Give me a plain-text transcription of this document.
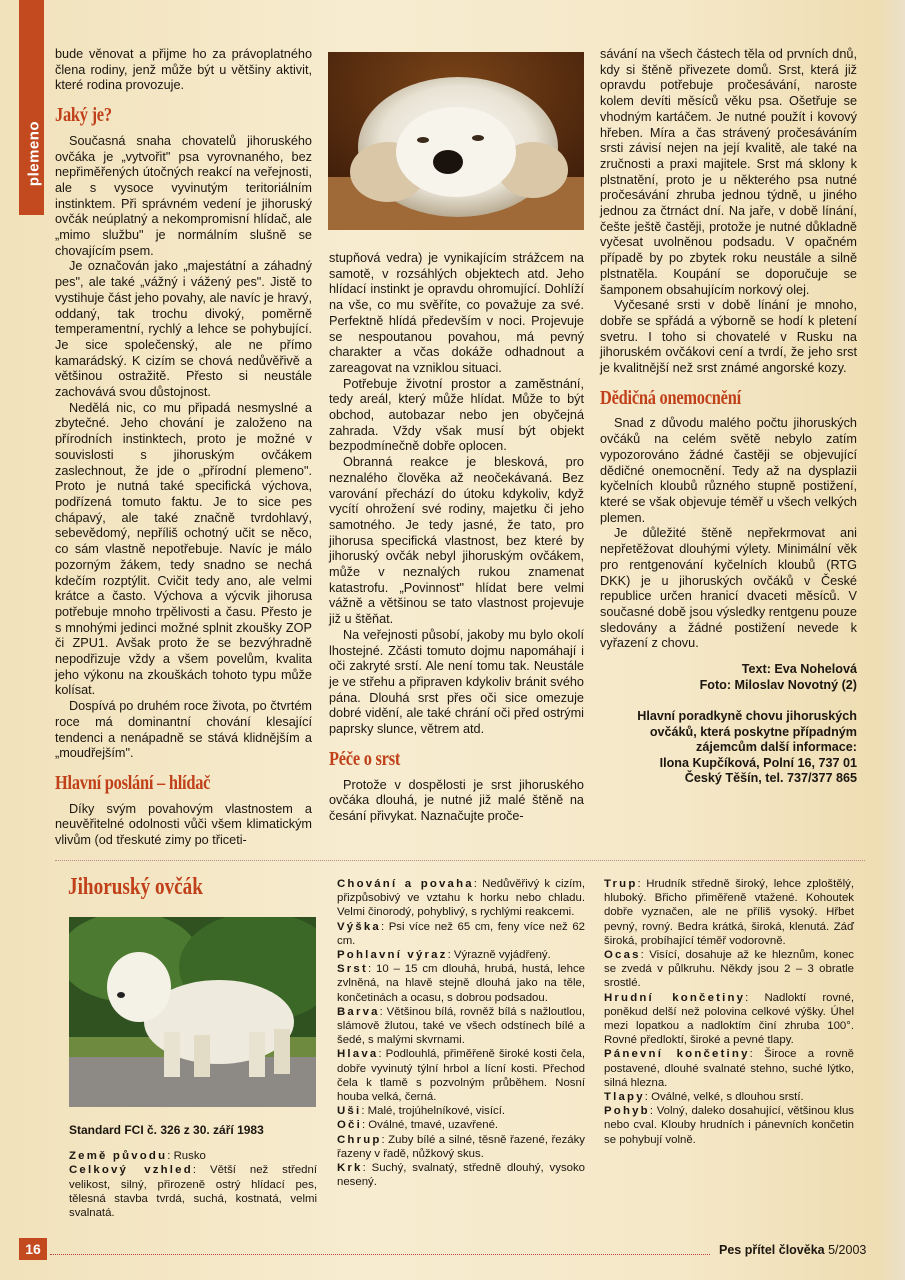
plemeno

bude věnovat a přijme ho za právoplatného člena rodiny, jenž může být u většiny aktivit, které rodina provozuje.

Jaký je?

Současná snaha chovatelů jihoruského ovčáka je „vytvořit" psa vyrovnaného, bez nepřiměřených útočných reakcí na veřejnosti, ale s vysoce vyvinutým teritoriálním instinktem. Při správném vedení je jihoruský ovčák neúplatný a nekompromisní hlídač, ale „mimo službu" je normálním slušně se chovajícím psem.

Je označován jako „majestátní a záhadný pes", ale také „vážný i vážený pes". Jistě to vystihuje část jeho povahy, ale navíc je hravý, oddaný, tak trochu divoký, poměrně temperamentní, rychlý a lehce se pohybující. Je sice společenský, ale ne přímo kamarádský. K cizím se chová nedůvěřivě a většinou ostražitě. Přesto si neustále zachovává svou důstojnost.

Nedělá nic, co mu připadá nesmyslné a zbytečné. Jeho chování je založeno na přírodních instinktech, proto je možné v souvislosti s jihoruským ovčákem zaslechnout, že jde o „přírodní plemeno". Proto je nutná také specifická výchova, podřízená tomuto faktu. Je to sice pes chápavý, ale také značně tvrdohlavý, sebevědomý, nepříliš ochotný učit se něco, co sám vlastně nepotřebuje. Navíc je málo pozorným žákem, tedy snadno se nechá kdečím rozptýlit. Cvičit tedy ano, ale velmi krátce a často. Výchova a výcvik jihorusa potřebuje mnoho trpělivosti a času. Přesto je s mnohými jedinci možné splnit zkoušky ZOP či ZPU1. Avšak proto že se bezvýhradně nepodřizuje vždy a všem povelům, kvalita jeho výkonu na zkouškách tohoto typu může kolísat.

Dospívá po druhém roce života, po čtvrtém roce má dominantní chování klesající tendenci a nenápadně se stává klidnějším a „moudřejším".

Hlavní poslání – hlídač

Díky svým povahovým vlastnostem a neuvěřitelné odolnosti vůči všem klimatickým vlivům (od třeskuté zimy po třiceti-

stupňová vedra) je vynikajícím strážcem na samotě, v rozsáhlých objektech atd. Jeho hlídací instinkt je opravdu ohromující. Dohlíží na vše, co mu svěříte, co považuje za své. Perfektně hlídá především v noci. Projevuje se nespoutanou povahou, má pevný charakter a včas dokáže odhadnout a zareagovat na vzniklou situaci.

Potřebuje životní prostor a zaměstnání, tedy areál, který může hlídat. Může to být obchod, autobazar nebo jen obyčejná zahrada. Vždy však musí být objekt bezpodmínečně dobře oplocen.

Obranná reakce je blesková, pro neznalého člověka až neočekávaná. Bez varování přechází do útoku kdykoliv, když vycítí ohrožení své rodiny, majetku či jeho samotného. Je tedy jasné, že tato, pro jihorusa specifická vlastnost, bez které by jihoruský ovčák nebyl jihoruským ovčákem, může v neznalých rukou znamenat katastrofu. „Povinnost" hlídat bere velmi vážně a většinou se tato vlastnost projevuje již u štěňat.

Na veřejnosti působí, jakoby mu bylo okolí lhostejné. Zčásti tomuto dojmu napomáhají i oči zakryté srstí. Ale není tomu tak. Neustále je ve střehu a připraven kdykoliv bránit svého pána. Dlouhá srst přes oči sice omezuje dobré vidění, ale také chrání oči před ostrými paprsky slunce, větrem atd.

Péče o srst

Protože v dospělosti je srst jihoruského ovčáka dlouhá, je nutné již malé štěně na česání přivykat. Naznačujte proče-

sávání na všech částech těla od prvních dnů, kdy si štěně přivezete domů. Srst, která již opravdu potřebuje pročesávání, naroste kolem devíti měsíců věku psa. Ošetřuje se vhodným kartáčem. Je nutné použít i kovový hřeben. Míra a čas strávený pročesáváním srsti závisí nejen na její kvalitě, ale také na zručnosti a praxi majitele. Srst má sklony k plstnatění, proto je u některého psa nutné pročesávání zhruba jednou týdně, u jiného jednou za čtrnáct dní. Na jaře, v době línání, češte ještě častěji, protože je nutné důkladně vyčesat uvolněnou podsadu. V opačném případě by po zbytek roku neustále a silně plstnatěla. Koupání se doporučuje se šamponem obsahujícím norkový olej.

Vyčesané srsti v době línání je mnoho, dobře se spřádá a výborně se hodí k pletení svetru. I toho si chovatelé v Rusku na jihoruském ovčákovi cení a tvrdí, že jeho srst je kvalitnější než srst známé angorské kozy.

Dědičná onemocnění

Snad z důvodu malého počtu jihoruských ovčáků na celém světě nebylo zatím vypozorováno žádné častěji se objevující dědičné onemocnění. Tedy až na dysplazii kyčelních kloubů různého stupně postižení, které se však objevuje téměř u všech velkých plemen.

Je důležité štěně nepřekrmovat ani nepřetěžovat dlouhými výlety. Minimální věk pro rentgenování kyčelních kloubů (RTG DKK) je u jihoruských ovčáků v České republice určen hranicí dvaceti měsíců. V současné době jsou výsledky rentgenu pouze sledovány a žádné postižení nevede k vyřazení z chovu.

Text: Eva Nohelová
Foto: Miloslav Novotný (2)
Hlavní poradkyně chovu jihoruských ovčáků, která poskytne případným zájemcům další informace:
Ilona Kupčíková, Polní 16, 737 01
Český Těšín, tel. 737/377 865
Jihoruský ovčák

Standard FCI č. 326 z 30. září 1983

Země původu: Rusko

Celkový vzhled: Větší než střední velikost, silný, přirozeně ostrý hlídací pes, tělesná stavba tvrdá, suchá, kostnatá, velmi svalnatá.

Chování a povaha: Nedůvěřivý k cizím, přizpůsobivý ve vztahu k horku nebo chladu. Velmi činorodý, pohyblivý, s rychlými reakcemi.

Výška: Psi více než 65 cm, feny více než 62 cm.

Pohlavní výraz: Výrazně vyjádřený.

Srst: 10 – 15 cm dlouhá, hrubá, hustá, lehce zvlněná, na hlavě stejně dlouhá jako na těle, končetinách a ocasu, s dobrou podsadou.

Barva: Většinou bílá, rovněž bílá s nažloutlou, slámově žlutou, také ve všech odstínech bílé a šedé, s malými skvrnami.

Hlava: Podlouhlá, přiměřeně široké kosti čela, dobře vyvinutý týlní hrbol a lícní kosti. Přechod čela k tlamě s pozvolným průběhem. Nosní houba velká, černá.

Uši: Malé, trojúhelníkové, visící.

Oči: Oválné, tmavé, uzavřené.

Chrup: Zuby bílé a silné, těsně řazené, řezáky řazeny v řadě, nůžkový skus.

Krk: Suchý, svalnatý, středně dlouhý, vysoko nesený.

Trup: Hrudník středně široký, lehce zploštělý, hluboký. Břicho přiměřeně vtažené. Kohoutek dobře vyznačen, ale ne příliš vysoký. Hřbet pevný, rovný. Bedra krátká, široká, klenutá. Záď široká, probíhající téměř vodorovně.

Ocas: Visící, dosahuje až ke hleznům, konec se zvedá v půlkruhu. Někdy jsou 2 – 3 obratle srostlé.

Hrudní končetiny: Nadloktí rovné, poněkud delší než polovina celkové výšky. Úhel mezi lopatkou a nadloktím činí zhruba 100°. Rovné předloktí, široké a pevné tlapy.

Pánevní končetiny: Široce a rovně postavené, dlouhé svalnaté stehno, suché lýtko, silná hlezna.

Tlapy: Oválné, velké, s dlouhou srstí.

Pohyb: Volný, daleko dosahující, většinou klus nebo cval. Klouby hrudních i pánevních končetin se pohybují volně.

16	Pes přítel člověka 5/2003
